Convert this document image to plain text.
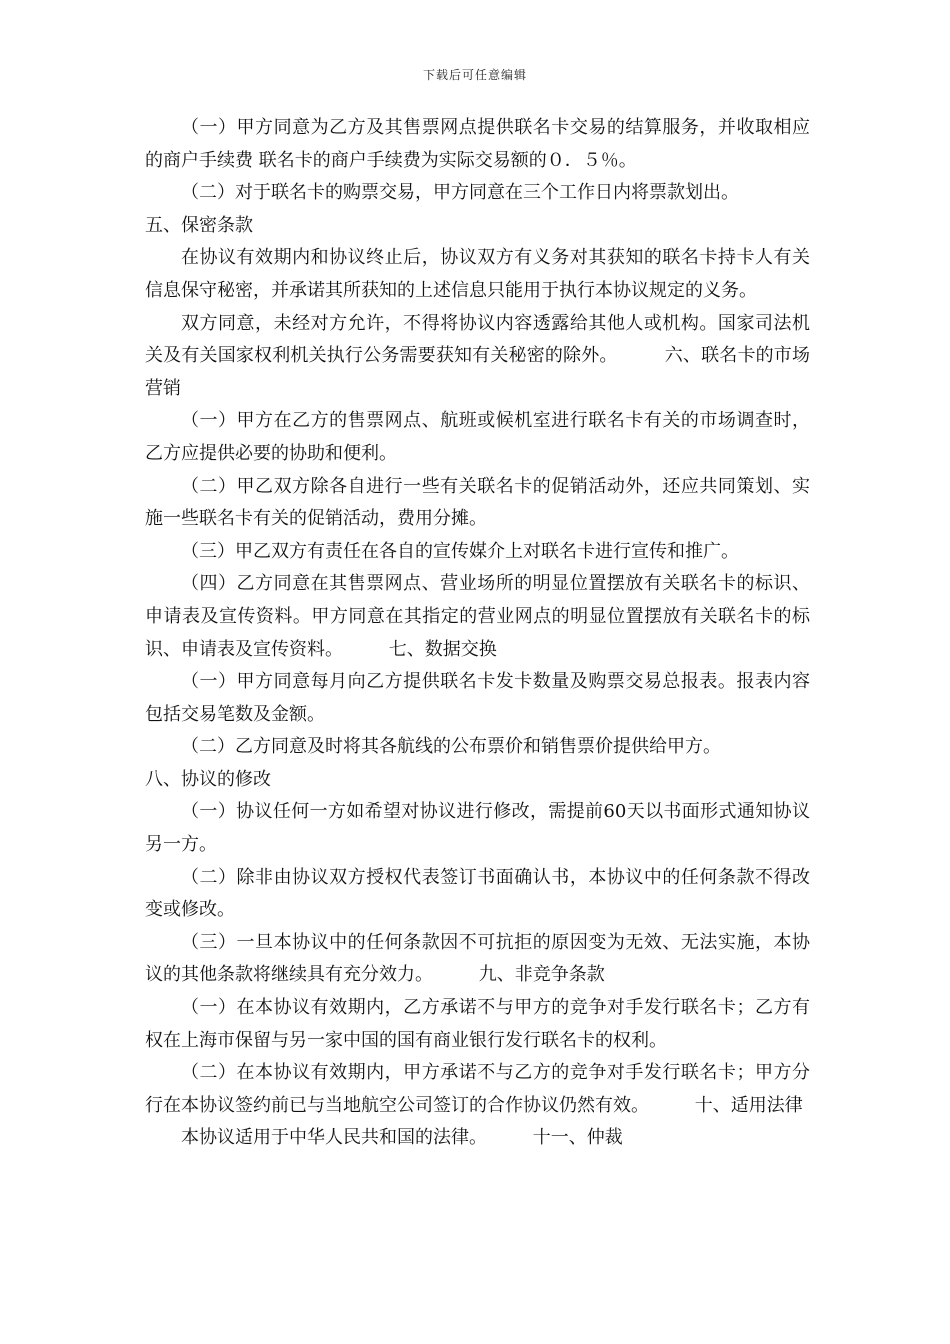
下载后可任意编辑

（一）甲方同意为乙方及其售票网点提供联名卡交易的结算服务，并收取相应的商户手续费 联名卡的商户手续费为实际交易额的０．５％。

（二）对于联名卡的购票交易，甲方同意在三个工作日内将票款划出。

五、保密条款

在协议有效期内和协议终止后，协议双方有义务对其获知的联名卡持卡人有关信息保守秘密，并承诺其所获知的上述信息只能用于执行本协议规定的义务。

双方同意，未经对方允许，不得将协议内容透露给其他人或机构。国家司法机关及有关国家权利机关执行公务需要获知有关秘密的除外。        六、联名卡的市场营销

（一）甲方在乙方的售票网点、航班或候机室进行联名卡有关的市场调查时，乙方应提供必要的协助和便利。

（二）甲乙双方除各自进行一些有关联名卡的促销活动外，还应共同策划、实施一些联名卡有关的促销活动，费用分摊。

（三）甲乙双方有责任在各自的宣传媒介上对联名卡进行宣传和推广。

（四）乙方同意在其售票网点、营业场所的明显位置摆放有关联名卡的标识、申请表及宣传资料。甲方同意在其指定的营业网点的明显位置摆放有关联名卡的标识、申请表及宣传资料。        七、数据交换

（一）甲方同意每月向乙方提供联名卡发卡数量及购票交易总报表。报表内容包括交易笔数及金额。

（二）乙方同意及时将其各航线的公布票价和销售票价提供给甲方。

八、协议的修改

（一）协议任何一方如希望对协议进行修改，需提前60天以书面形式通知协议另一方。

（二）除非由协议双方授权代表签订书面确认书，本协议中的任何条款不得改变或修改。

（三）一旦本协议中的任何条款因不可抗拒的原因变为无效、无法实施，本协议的其他条款将继续具有充分效力。        九、非竞争条款

（一）在本协议有效期内，乙方承诺不与甲方的竞争对手发行联名卡；乙方有权在上海市保留与另一家中国的国有商业银行发行联名卡的权利。

（二）在本协议有效期内，甲方承诺不与乙方的竞争对手发行联名卡；甲方分行在本协议签约前已与当地航空公司签订的合作协议仍然有效。        十、适用法律

本协议适用于中华人民共和国的法律。        十一、仲裁
